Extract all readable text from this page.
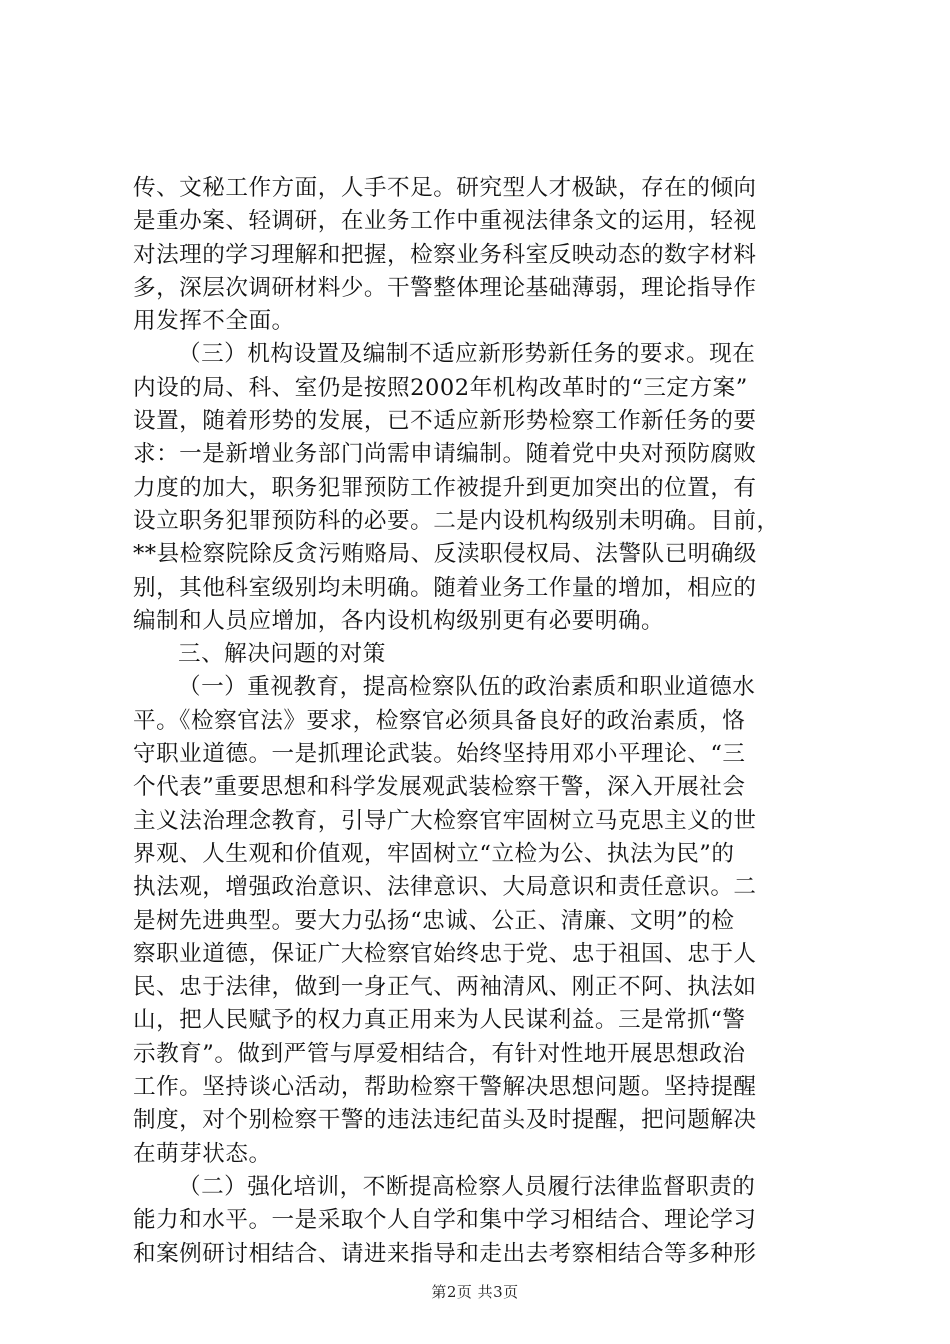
传、文秘工作方面，人手不足。研究型人才极缺，存在的倾向
是重办案、轻调研，在业务工作中重视法律条文的运用，轻视
对法理的学习理解和把握，检察业务科室反映动态的数字材料
多，深层次调研材料少。干警整体理论基础薄弱，理论指导作
用发挥不全面。
（三）机构设置及编制不适应新形势新任务的要求。现在
内设的局、科、室仍是按照2002年机构改革时的“三定方案”
设置，随着形势的发展，已不适应新形势检察工作新任务的要
求：一是新增业务部门尚需申请编制。随着党中央对预防腐败
力度的加大，职务犯罪预防工作被提升到更加突出的位置，有
设立职务犯罪预防科的必要。二是内设机构级别未明确。目前，
**县检察院除反贪污贿赂局、反渎职侵权局、法警队已明确级
别，其他科室级别均未明确。随着业务工作量的增加，相应的
编制和人员应增加，各内设机构级别更有必要明确。
三、解决问题的对策
（一）重视教育，提高检察队伍的政治素质和职业道德水
平。《检察官法》要求，检察官必须具备良好的政治素质，恪
守职业道德。一是抓理论武装。始终坚持用邓小平理论、“三
个代表”重要思想和科学发展观武装检察干警，深入开展社会
主义法治理念教育，引导广大检察官牢固树立马克思主义的世
界观、人生观和价值观，牢固树立“立检为公、执法为民”的
执法观，增强政治意识、法律意识、大局意识和责任意识。二
是树先进典型。要大力弘扬“忠诚、公正、清廉、文明”的检
察职业道德，保证广大检察官始终忠于党、忠于祖国、忠于人
民、忠于法律，做到一身正气、两袖清风、刚正不阿、执法如
山，把人民赋予的权力真正用来为人民谋利益。三是常抓“警
示教育”。做到严管与厚爱相结合，有针对性地开展思想政治
工作。坚持谈心活动，帮助检察干警解决思想问题。坚持提醒
制度，对个别检察干警的违法违纪苗头及时提醒，把问题解决
在萌芽状态。
（二）强化培训，不断提高检察人员履行法律监督职责的
能力和水平。一是采取个人自学和集中学习相结合、理论学习
和案例研讨相结合、请进来指导和走出去考察相结合等多种形
第2页 共3页
